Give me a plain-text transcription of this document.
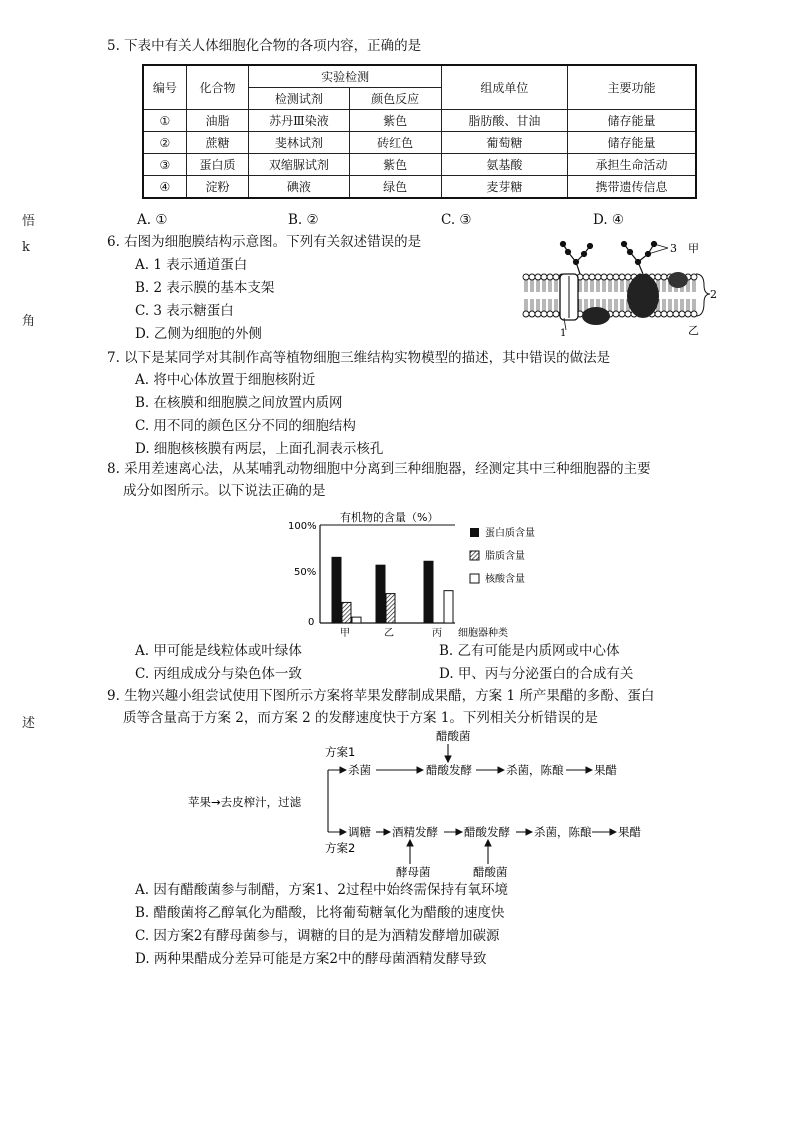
悟
k
角
述
5. 下表中有关人体细胞化合物的各项内容，正确的是
编号	化合物	实验检测		组成单位	主要功能
		检测试剂	颜色反应		
①	油脂	苏丹Ⅲ染液	紫色	脂肪酸、甘油	储存能量
②	蔗糖	斐林试剂	砖红色	葡萄糖	储存能量
③	蛋白质	双缩脲试剂	紫色	氨基酸	承担生命活动
④	淀粉	碘液	绿色	麦芽糖	携带遗传信息
A. ①	B. ②	C. ③	D. ④
6. 右图为细胞膜结构示意图。下列有关叙述错误的是
A. 1 表示通道蛋白
B. 2 表示膜的基本支架
C. 3 表示糖蛋白
D. 乙侧为细胞的外侧
3 甲
2
乙
1
7. 以下是某同学对其制作高等植物细胞三维结构实物模型的描述，其中错误的做法是
A. 将中心体放置于细胞核附近
B. 在核膜和细胞膜之间放置内质网
C. 用不同的颜色区分不同的细胞结构
D. 细胞核核膜有两层，上面孔洞表示核孔
8. 采用差速离心法，从某哺乳动物细胞中分离到三种细胞器，经测定其中三种细胞器的主要
成分如图所示。以下说法正确的是
有机物的含量（%）
100%
50%
0
甲	乙	丙 细胞器种类
蛋白质含量
脂质含量
核酸含量
A. 甲可能是线粒体或叶绿体	B. 乙有可能是内质网或中心体
C. 丙组成成分与染色体一致	D. 甲、丙与分泌蛋白的合成有关
9. 生物兴趣小组尝试使用下图所示方案将苹果发酵制成果醋，方案 1 所产果醋的多酚、蛋白
质等含量高于方案 2，而方案 2 的发酵速度快于方案 1。下列相关分析错误的是
醋酸菌
方案1
苹果→去皮榨汁，过滤
杀菌	醋酸发酵	杀菌，陈酿	果醋
调糖 酒精发酵 醋酸发酵 杀菌，陈酿 果醋
方案2
酵母菌	醋酸菌
A. 因有醋酸菌参与制醋，方案1、2过程中始终需保持有氧环境
B. 醋酸菌将乙醇氧化为醋酸，比将葡萄糖氧化为醋酸的速度快
C. 因方案2有酵母菌参与，调糖的目的是为酒精发酵增加碳源
D. 两种果醋成分差异可能是方案2中的酵母菌酒精发酵导致
